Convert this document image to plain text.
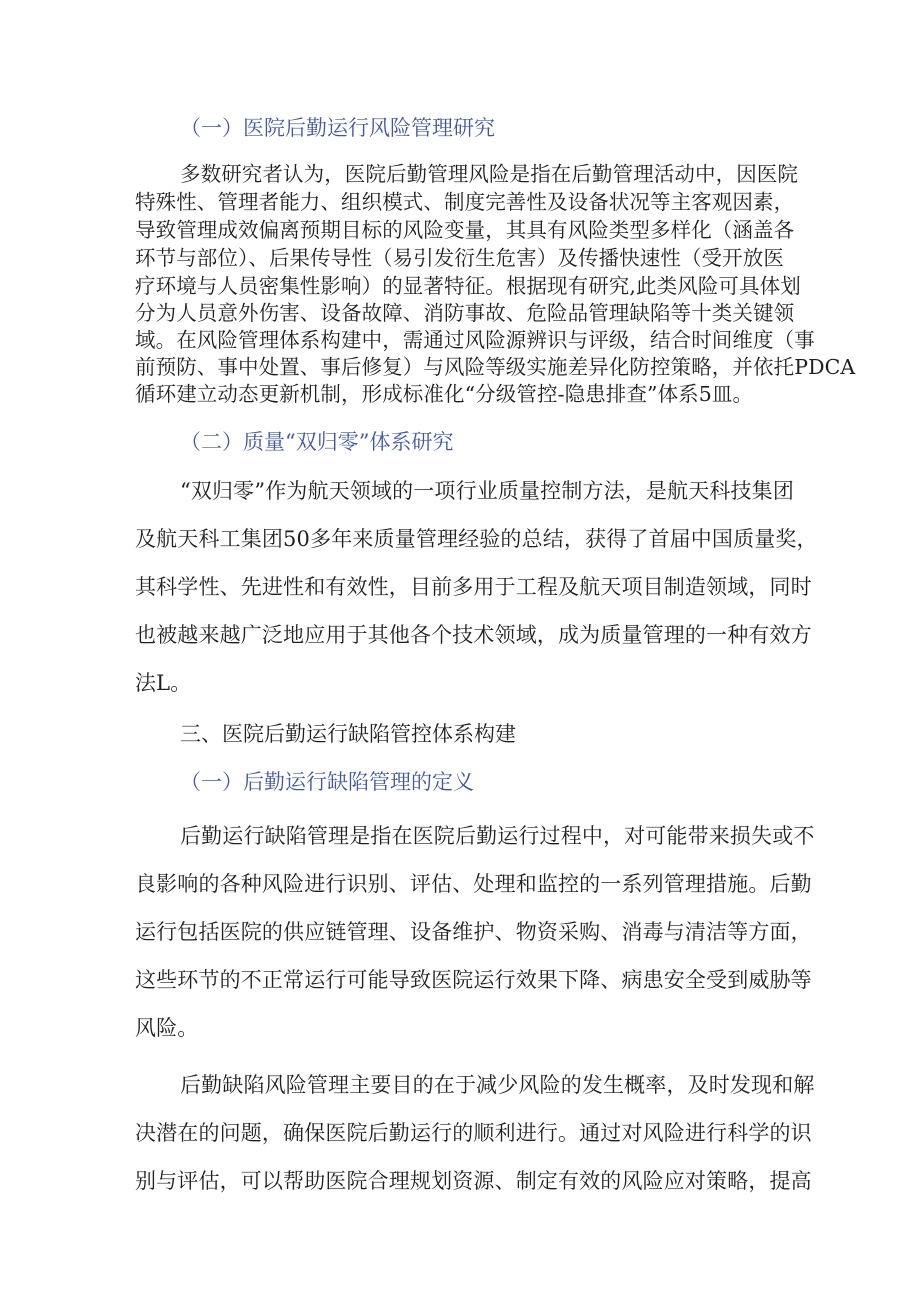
（一）医院后勤运行风险管理研究
多数研究者认为，医院后勤管理风险是指在后勤管理活动中，因医院
特殊性、管理者能力、组织模式、制度完善性及设备状况等主客观因素，
导致管理成效偏离预期目标的风险变量，其具有风险类型多样化（涵盖各
环节与部位）、后果传导性（易引发衍生危害）及传播快速性（受开放医
疗环境与人员密集性影响）的显著特征。根据现有研究,此类风险可具体划
分为人员意外伤害、设备故障、消防事故、危险品管理缺陷等十类关键领
域。在风险管理体系构建中，需通过风险源辨识与评级，结合时间维度（事
前预防、事中处置、事后修复）与风险等级实施差异化防控策略，并依托PDCA
循环建立动态更新机制，形成标准化“分级管控-隐患排查”体系5皿。
（二）质量“双归零”体系研究
“双归零”作为航天领域的一项行业质量控制方法，是航天科技集团
及航天科工集团50多年来质量管理经验的总结，获得了首届中国质量奖，
其科学性、先进性和有效性，目前多用于工程及航天项目制造领域，同时
也被越来越广泛地应用于其他各个技术领域，成为质量管理的一种有效方
法L。
三、医院后勤运行缺陷管控体系构建
（一）后勤运行缺陷管理的定义
后勤运行缺陷管理是指在医院后勤运行过程中，对可能带来损失或不
良影响的各种风险进行识别、评估、处理和监控的一系列管理措施。后勤
运行包括医院的供应链管理、设备维护、物资采购、消毒与清洁等方面，
这些环节的不正常运行可能导致医院运行效果下降、病患安全受到威胁等
风险。
后勤缺陷风险管理主要目的在于减少风险的发生概率，及时发现和解
决潜在的问题，确保医院后勤运行的顺利进行。通过对风险进行科学的识
别与评估，可以帮助医院合理规划资源、制定有效的风险应对策略，提高
